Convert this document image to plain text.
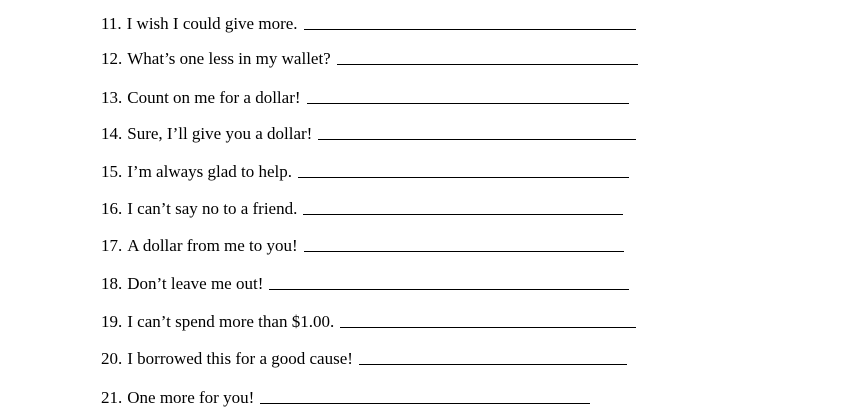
11. I wish I could give more.
12. What’s one less in my wallet?
13. Count on me for a dollar!
14. Sure, I’ll give you a dollar!
15. I’m always glad to help.
16. I can’t say no to a friend.
17. A dollar from me to you!
18. Don’t leave me out!
19. I can’t spend more than $1.00.
20. I borrowed this for a good cause!
21. One more for you!
